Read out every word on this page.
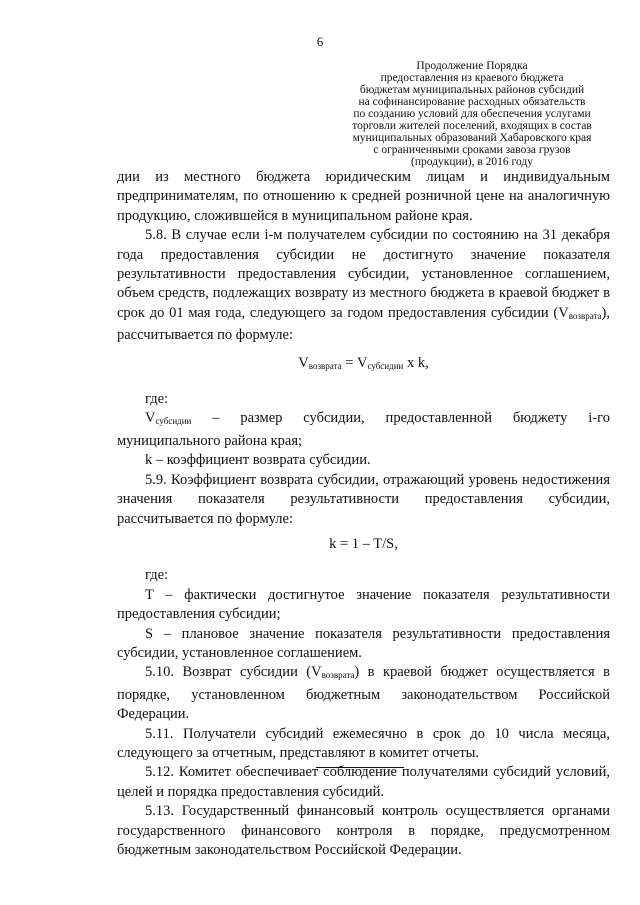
6
Продолжение Порядка
предоставления из краевого бюджета
бюджетам муниципальных районов субсидий
на софинансирование расходных обязательств
по созданию условий для обеспечения услугами
торговли жителей поселений, входящих в состав
муниципальных образований Хабаровского края
с ограниченными сроками завоза грузов
(продукции), в 2016 году

дии из местного бюджета юридическим лицам и индивидуальным предпринимателям, по отношению к средней розничной цене на аналогичную продукцию, сложившейся в муниципальном районе края.

5.8. В случае если i-м получателем субсидии по состоянию на 31 декабря года предоставления субсидии не достигнуто значение показателя результативности предоставления субсидии, установленное соглашением, объем средств, подлежащих возврату из местного бюджета в краевой бюджет в срок до 01 мая года, следующего за годом предоставления субсидии $(V_{возврата})$, рассчитывается по формуле:

$V_{возврата} = V_{субсидии}$ x k,

где:

$V_{субсидии}$ – размер субсидии, предоставленной бюджету i-го муниципального района края;

k – коэффициент возврата субсидии.

5.9. Коэффициент возврата субсидии, отражающий уровень недостижения значения показателя результативности предоставления субсидии, рассчитывается по формуле:

k = 1 – T/S,

где:

T – фактически достигнутое значение показателя результативности предоставления субсидии;

S – плановое значение показателя результативности предоставления субсидии, установленное соглашением.

5.10. Возврат субсидии $(V_{возврата})$ в краевой бюджет осуществляется в порядке, установленном бюджетным законодательством Российской Федерации.

5.11. Получатели субсидий ежемесячно в срок до 10 числа месяца, следующего за отчетным, представляют в комитет отчеты.

5.12. Комитет обеспечивает соблюдение получателями субсидий условий, целей и порядка предоставления субсидий.

5.13. Государственный финансовый контроль осуществляется органами государственного финансового контроля в порядке, предусмотренном бюджетным законодательством Российской Федерации.
